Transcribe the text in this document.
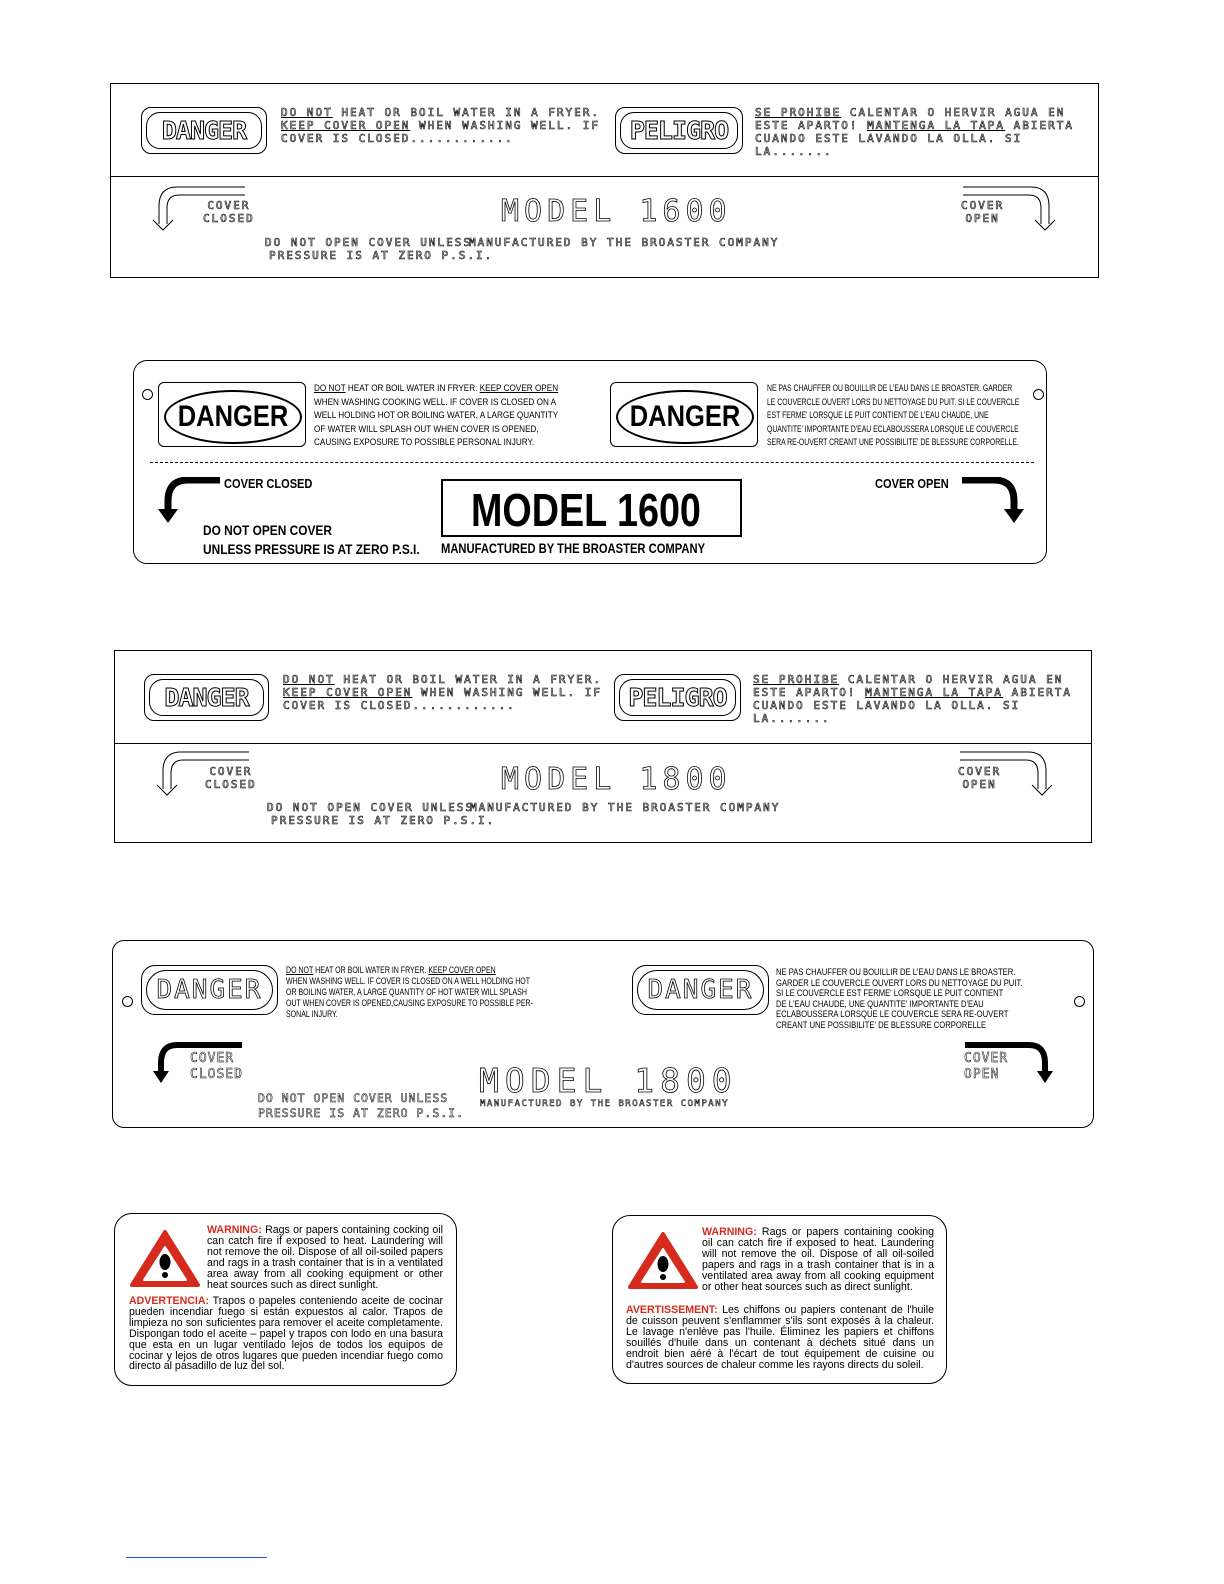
DANGER
DO NOT HEAT OR BOIL WATER IN A FRYER.
KEEP COVER OPEN WHEN WASHING WELL. IF
COVER IS CLOSED............	PELIGRO
SE PROHIBE CALENTAR O HERVIR AGUA EN
ESTE APARTO! MANTENGA LA TAPA ABIERTA
CUANDO ESTE LAVANDO LA OLLA. SI LA.......
COVER
CLOSED
COVER
OPEN
MODEL 1600
DO NOT OPEN COVER UNLESS
PRESSURE IS AT ZERO P.S.I.
MANUFACTURED BY THE BROASTER COMPANY
DANGER
DO NOT HEAT OR BOIL WATER IN FRYER. KEEP COVER OPEN
WHEN WASHING COOKING WELL. IF COVER IS CLOSED ON A
WELL HOLDING HOT OR BOILING WATER, A LARGE QUANTITY
OF WATER WILL SPLASH OUT WHEN COVER IS OPENED,
CAUSING EXPOSURE TO POSSIBLE PERSONAL INJURY.
DANGER
NE PAS CHAUFFER OU BOUILLIR DE L'EAU DANS LE BROASTER. GARDER
LE COUVERCLE OUVERT LORS DU NETTOYAGE DU PUIT. SI LE COUVERCLE
EST FERME' LORSQUE LE PUIT CONTIENT DE L'EAU CHAUDE, UNE
QUANTITE' IMPORTANTE D'EAU ECLABOUSSERA LORSQUE LE COUVERCLE
SERA RE-OUVERT CREANT UNE POSSIBILITE' DE BLESSURE CORPORELLE.
COVER CLOSED	COVER OPEN
MODEL 1600
DO NOT OPEN COVER
UNLESS PRESSURE IS AT ZERO P.S.I. MANUFACTURED BY THE BROASTER COMPANY
DANGER
DO NOT HEAT OR BOIL WATER IN A FRYER.
KEEP COVER OPEN WHEN WASHING WELL. IF
COVER IS CLOSED............	PELIGRO
SE PROHIBE CALENTAR O HERVIR AGUA EN
ESTE APARTO! MANTENGA LA TAPA ABIERTA
CUANDO ESTE LAVANDO LA OLLA. SI LA.......
COVER
CLOSED
COVER
OPEN
MODEL 1800
DO NOT OPEN COVER UNLESS
PRESSURE IS AT ZERO P.S.I.
MANUFACTURED BY THE BROASTER COMPANY
DANGER
DO NOT HEAT OR BOIL WATER IN FRYER. KEEP COVER OPEN
WHEN WASHING WELL. IF COVER IS CLOSED ON A WELL HOLDING HOT
OR BOILING WATER, A LARGE QUANTITY OF HOT WATER WILL SPLASH
OUT WHEN COVER IS OPENED,CAUSING EXPOSURE TO POSSIBLE PER-
SONAL INJURY.
DANGER
NE PAS CHAUFFER OU BOUILLIR DE L'EAU DANS LE BROASTER.
GARDER LE COUVERCLE OUVERT LORS DU NETTOYAGE DU PUIT.
SI LE COUVERCLE EST FERME' LORSQUE LE PUIT CONTIENT
DE L'EAU CHAUDE, UNE QUANTITE' IMPORTANTE D'EAU
ECLABOUSSERA LORSQUE LE COUVERCLE SERA RE-OUVERT
CREANT UNE POSSIBILITE' DE BLESSURE CORPORELLE
COVER
CLOSED
COVER
OPEN
MODEL 1800
MANUFACTURED BY THE BROASTER COMPANY
DO NOT OPEN COVER UNLESS
PRESSURE IS AT ZERO P.S.I.
WARNING: Rags or papers containing cocking oil can catch fire if exposed to heat. Laundering will not remove the oil. Dispose of all oil-soiled papers and rags in a trash container that is in a ventilated area away from all cooking equipment or other heat sources such as direct sunlight.
ADVERTENCIA: Trapos o papeles conteniendo aceite de cocinar pueden incendiar fuego si están expuestos al calor. Trapos de limpieza no son suficientes para remover el aceite completamente. Dispongan todo el aceite – papel y trapos con lodo en una basura que esta en un lugar ventilado lejos de todos los equipos de cocinar y lejos de otros lugares que pueden incendiar fuego como directo al pasadillo de luz del sol.
WARNING: Rags or papers containing cooking oil can catch fire if exposed to heat. Laundering will not remove the oil. Dispose of all oil-soiled papers and rags in a trash container that is in a ventilated area away from all cooking equipment or other heat sources such as direct sunlight.
AVERTISSEMENT: Les chiffons ou papiers contenant de l'huile de cuisson peuvent s'enflammer s'ils sont exposés à la chaleur. Le lavage n'enlève pas l'huile. Éliminez les papiers et chiffons souillés d'huile dans un contenant à déchets situé dans un endroit bien aéré à l'écart de tout équipement de cuisine ou d'autres sources de chaleur comme les rayons directs du soleil.
